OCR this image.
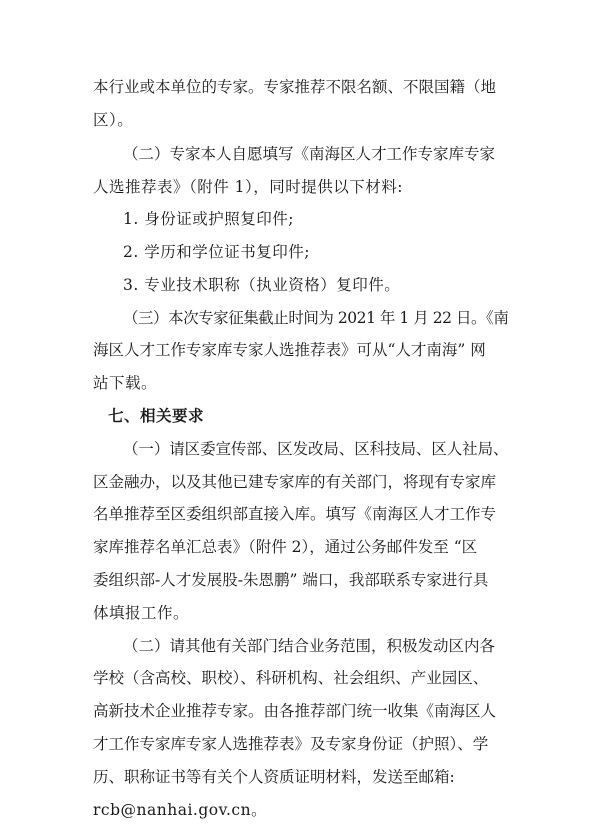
本行业或本单位的专家。专家推荐不限名额、不限国籍（地
区）。
（二）专家本人自愿填写《南海区人才工作专家库专家
人选推荐表》（附件 1），同时提供以下材料:
1. 身份证或护照复印件;
2. 学历和学位证书复印件;
3. 专业技术职称（执业资格）复印件。
（三）本次专家征集截止时间为 2021 年 1 月 22 日。《南
海区人才工作专家库专家人选推荐表》可从“人才南海” 网
站下载。
七、相关要求
（一）请区委宣传部、区发改局、区科技局、区人社局、
区金融办，以及其他已建专家库的有关部门，将现有专家库
名单推荐至区委组织部直接入库。填写《南海区人才工作专
家库推荐名单汇总表》（附件 2），通过公务邮件发至 “区
委组织部-人才发展股-朱恩鹏” 端口，我部联系专家进行具
体填报工作。
（二）请其他有关部门结合业务范围，积极发动区内各
学校（含高校、职校）、科研机构、社会组织、产业园区、
高新技术企业推荐专家。由各推荐部门统一收集《南海区人
才工作专家库专家人选推荐表》及专家身份证（护照）、学
历、职称证书等有关个人资质证明材料，发送至邮箱:
rcb@nanhai.gov.cn。
